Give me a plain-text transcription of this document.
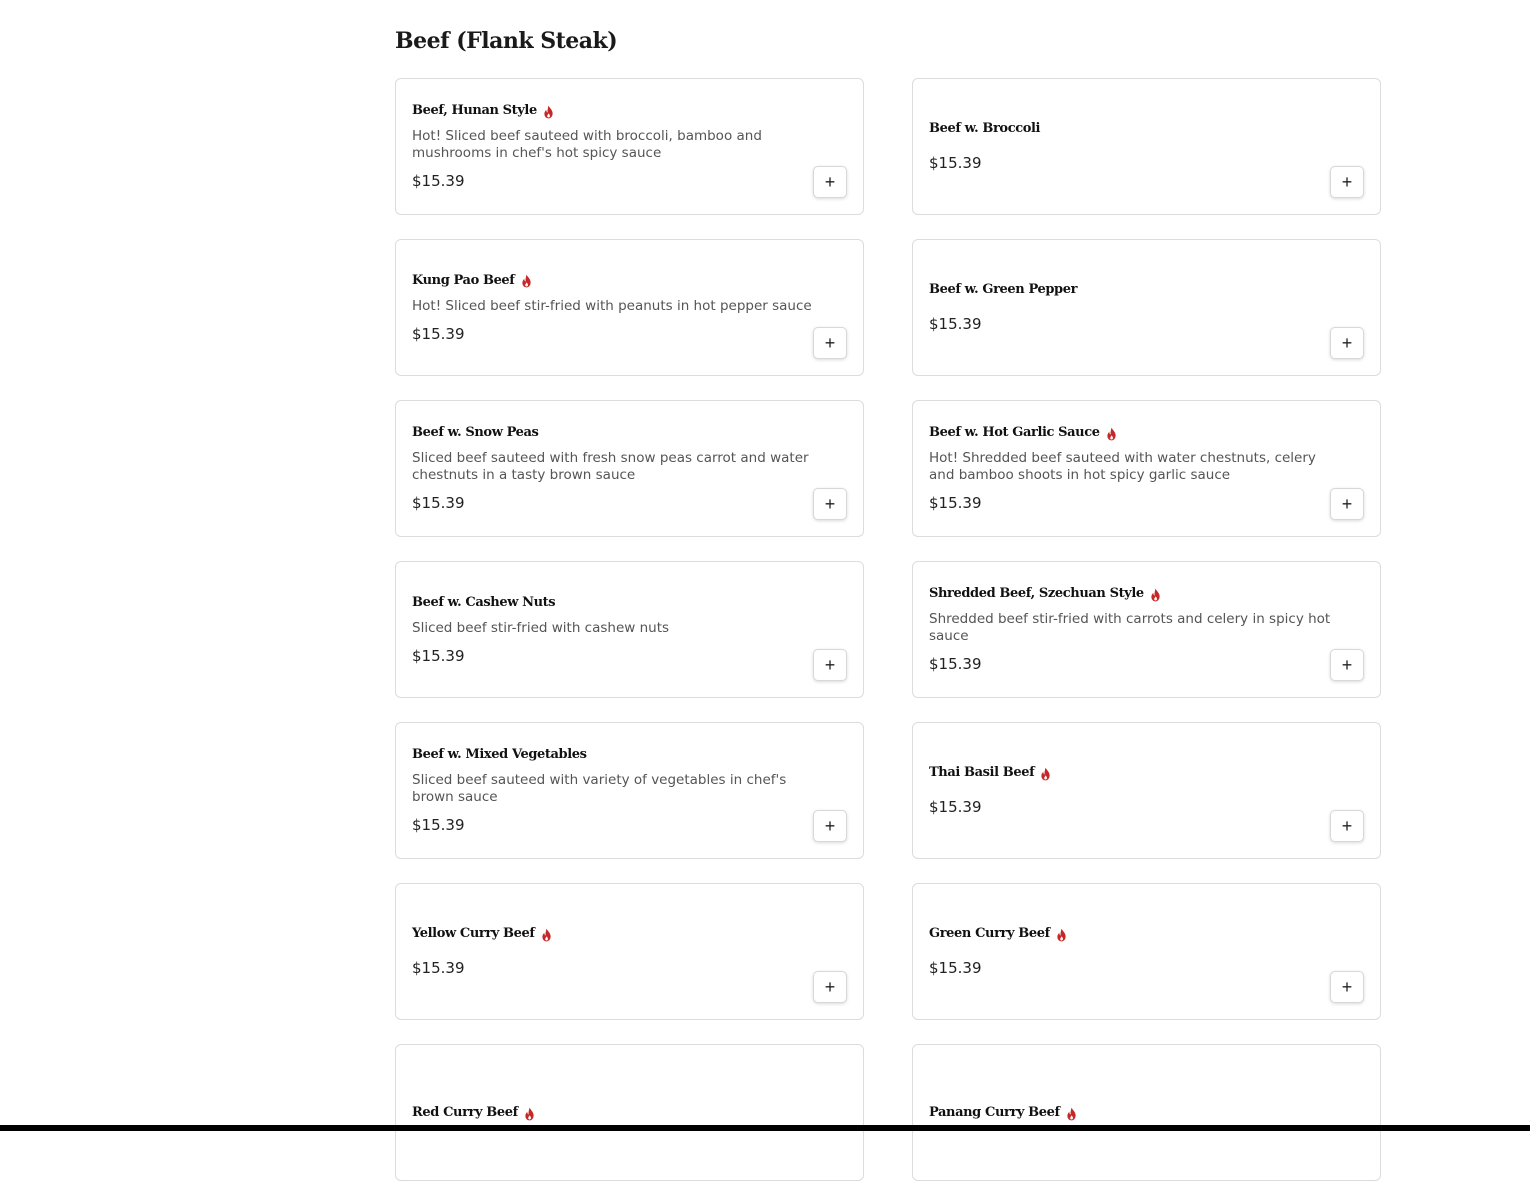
Beef (Flank Steak)
Beef, Hunan Style
Hot! Sliced beef sauteed with broccoli, bamboo and mushrooms in chef's hot spicy sauce
$15.39	+
Beef w. Broccoli
$15.39
+
Kung Pao Beef
Hot! Sliced beef stir-fried with peanuts in hot pepper sauce
$15.39	+
Beef w. Green Pepper
$15.39
+
Beef w. Snow Peas
Sliced beef sauteed with fresh snow peas carrot and water chestnuts in a tasty brown sauce
$15.39	+
Beef w. Hot Garlic Sauce
Hot! Shredded beef sauteed with water chestnuts, celery and bamboo shoots in hot spicy garlic sauce
$15.39	+
Beef w. Cashew Nuts
Sliced beef stir-fried with cashew nuts
$15.39	+
Shredded Beef, Szechuan Style
Shredded beef stir-fried with carrots and celery in spicy hot sauce
$15.39	+
Beef w. Mixed Vegetables
Sliced beef sauteed with variety of vegetables in chef's brown sauce
$15.39	+
Thai Basil Beef
$15.39
+
Yellow Curry Beef
$15.39
+
Green Curry Beef
$15.39
+
Red Curry Beef	Panang Curry Beef
